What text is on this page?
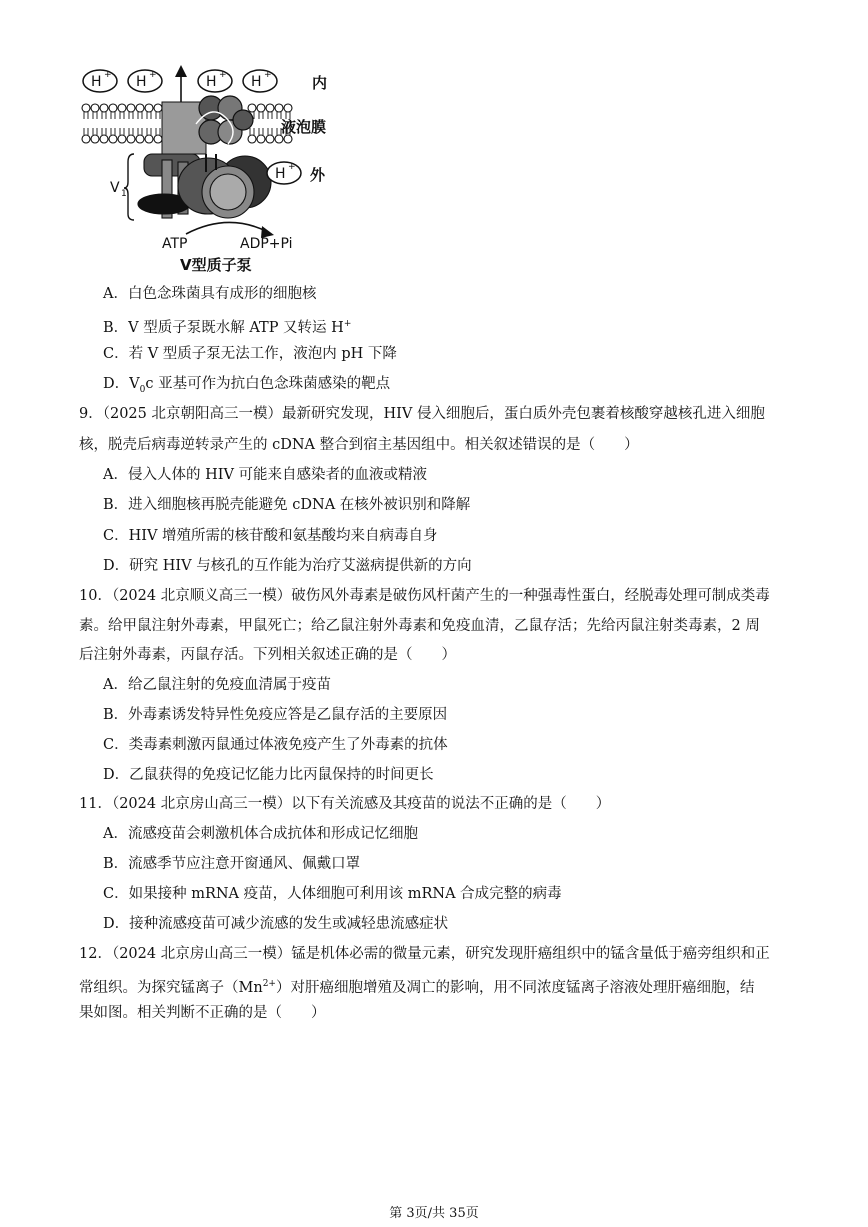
H + H +	H + H +	内
液泡膜
V 1
H + 外
ATP	ADP+Pi
V型质子泵
A．白色念珠菌具有成形的细胞核
B．V 型质子泵既水解 ATP 又转运 H+
C．若 V 型质子泵无法工作，液泡内 pH 下降
D．$V_0c$ 亚基可作为抗白色念珠菌感染的靶点
9．（2025 北京朝阳高三一模）最新研究发现，HIV 侵入细胞后，蛋白质外壳包裹着核酸穿越核孔进入细胞
核，脱壳后病毒逆转录产生的 cDNA 整合到宿主基因组中。相关叙述错误的是（　　）
A．侵入人体的 HIV 可能来自感染者的血液或精液
B．进入细胞核再脱壳能避免 cDNA 在核外被识别和降解
C．HIV 增殖所需的核苷酸和氨基酸均来自病毒自身
D．研究 HIV 与核孔的互作能为治疗艾滋病提供新的方向
10．（2024 北京顺义高三一模）破伤风外毒素是破伤风杆菌产生的一种强毒性蛋白，经脱毒处理可制成类毒
素。给甲鼠注射外毒素，甲鼠死亡；给乙鼠注射外毒素和免疫血清，乙鼠存活；先给丙鼠注射类毒素，2 周
后注射外毒素，丙鼠存活。下列相关叙述正确的是（　　）
A．给乙鼠注射的免疫血清属于疫苗
B．外毒素诱发特异性免疫应答是乙鼠存活的主要原因
C．类毒素刺激丙鼠通过体液免疫产生了外毒素的抗体
D．乙鼠获得的免疫记忆能力比丙鼠保持的时间更长
11．（2024 北京房山高三一模）以下有关流感及其疫苗的说法不正确的是（　　）
A．流感疫苗会刺激机体合成抗体和形成记忆细胞
B．流感季节应注意开窗通风、佩戴口罩
C．如果接种 mRNA 疫苗，人体细胞可利用该 mRNA 合成完整的病毒
D．接种流感疫苗可减少流感的发生或减轻患流感症状
12．（2024 北京房山高三一模）锰是机体必需的微量元素，研究发现肝癌组织中的锰含量低于癌旁组织和正
常组织。为探究锰离子$(Mn^{2+})$对肝癌细胞增殖及凋亡的影响，用不同浓度锰离子溶液处理肝癌细胞，结
果如图。相关判断不正确的是（　　）
第 3页/共 35页
